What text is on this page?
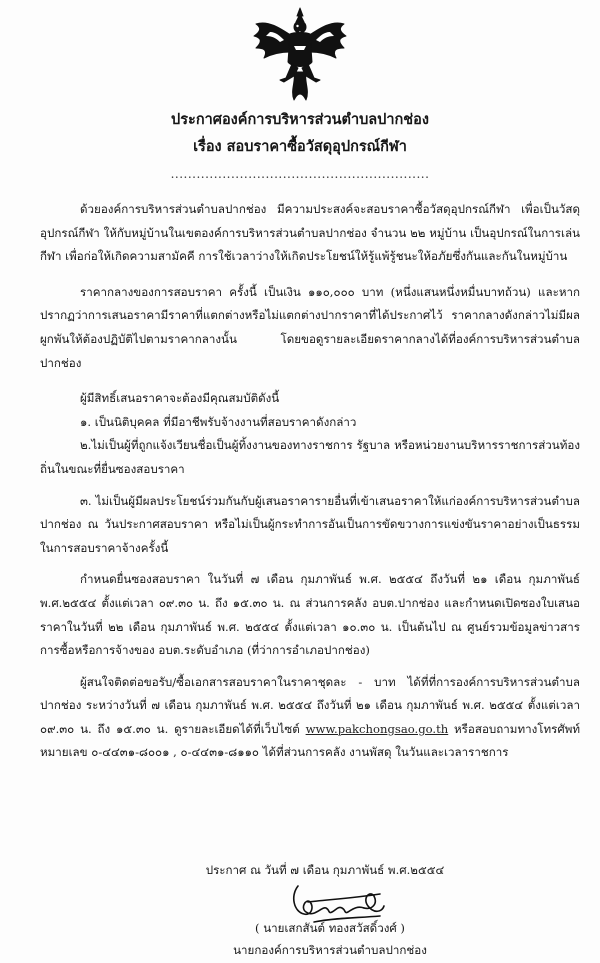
ประกาศองค์การบริหารส่วนตำบลปากช่อง
เรื่อง สอบราคาซื้อวัสดุอุปกรณ์กีฬา
............................................................

ด้วยองค์การบริหารส่วนตำบลปากช่อง มีความประสงค์จะสอบราคาซื้อวัสดุอุปกรณ์กีฬา เพื่อเป็นวัสดุอุปกรณ์กีฬา ให้กับหมู่บ้านในเขตองค์การบริหารส่วนตำบลปากช่อง จำนวน ๒๒ หมู่บ้าน เป็นอุปกรณ์ในการเล่นกีฬา เพื่อก่อให้เกิดความสามัคคี การใช้เวลาว่างให้เกิดประโยชน์ให้รู้แพ้รู้ชนะให้อภัยซึ่งกันและกันในหมู่บ้าน

ราคากลางของการสอบราคา ครั้งนี้ เป็นเงิน ๑๑๐,๐๐๐ บาท (หนึ่งแสนหนึ่งหมื่นบาทถ้วน) และหากปรากฏว่าการเสนอราคามีราคาที่แตกต่างหรือไม่แตกต่างปากราคาที่ได้ประกาศไว้ ราคากลางดังกล่าวไม่มีผลผูกพันให้ต้องปฏิบัติไปตามราคากลางนั้น โดยขอดูรายละเอียดราคากลางได้ที่องค์การบริหารส่วนตำบลปากช่อง

ผู้มีสิทธิ์เสนอราคาจะต้องมีคุณสมบัติดังนี้

๑. เป็นนิติบุคคล ที่มีอาชีพรับจ้างงานที่สอบราคาดังกล่าว

๒.ไม่เป็นผู้ที่ถูกแจ้งเวียนชื่อเป็นผู้ทิ้งงานของทางราชการ รัฐบาล หรือหน่วยงานบริหารราชการส่วนท้องถิ่นในขณะที่ยื่นซองสอบราคา

๓. ไม่เป็นผู้มีผลประโยชน์ร่วมกันกับผู้เสนอราคารายอื่นที่เข้าเสนอราคาให้แก่องค์การบริหารส่วนตำบลปากช่อง ณ วันประกาศสอบราคา หรือไม่เป็นผู้กระทำการอันเป็นการขัดขวางการแข่งขันราคาอย่างเป็นธรรมในการสอบราคาจ้างครั้งนี้

กำหนดยื่นซองสอบราคา ในวันที่ ๗ เดือน กุมภาพันธ์ พ.ศ. ๒๕๕๔ ถึงวันที่ ๒๑ เดือน กุมภาพันธ์ พ.ศ.๒๕๕๔ ตั้งแต่เวลา ๐๙.๓๐ น. ถึง ๑๕.๓๐ น. ณ ส่วนการคลัง อบต.ปากช่อง และกำหนดเปิดซองใบเสนอราคาในวันที่ ๒๒ เดือน กุมภาพันธ์ พ.ศ. ๒๕๕๔ ตั้งแต่เวลา ๑๐.๓๐ น. เป็นต้นไป ณ ศูนย์รวมข้อมูลข่าวสารการซื้อหรือการจ้างของ อบต.ระดับอำเภอ (ที่ว่าการอำเภอปากช่อง)

ผู้สนใจติดต่อขอรับ/ซื้อเอกสารสอบราคาในราคาชุดละ - บาท ได้ที่ที่การองค์การบริหารส่วนตำบลปากช่อง ระหว่างวันที่ ๗ เดือน กุมภาพันธ์ พ.ศ. ๒๕๕๔ ถึงวันที่ ๒๑ เดือน กุมภาพันธ์ พ.ศ. ๒๕๕๔ ตั้งแต่เวลา ๐๙.๓๐ น. ถึง ๑๕.๓๐ น. ดูรายละเอียดได้ที่เว็บไซต์ www.pakchongsao.go.th หรือสอบถามทางโทรศัพท์ หมายเลข ๐-๔๔๓๑-๘๐๐๑ , ๐-๔๔๓๑-๘๑๑๐ ได้ที่ส่วนการคลัง งานพัสดุ ในวันและเวลาราชการ

ประกาศ ณ วันที่ ๗ เดือน กุมภาพันธ์ พ.ศ.๒๕๕๔
( นายเสกสันต์ ทองสวัสดิ์วงศ์ )
นายกองค์การบริหารส่วนตำบลปากช่อง
